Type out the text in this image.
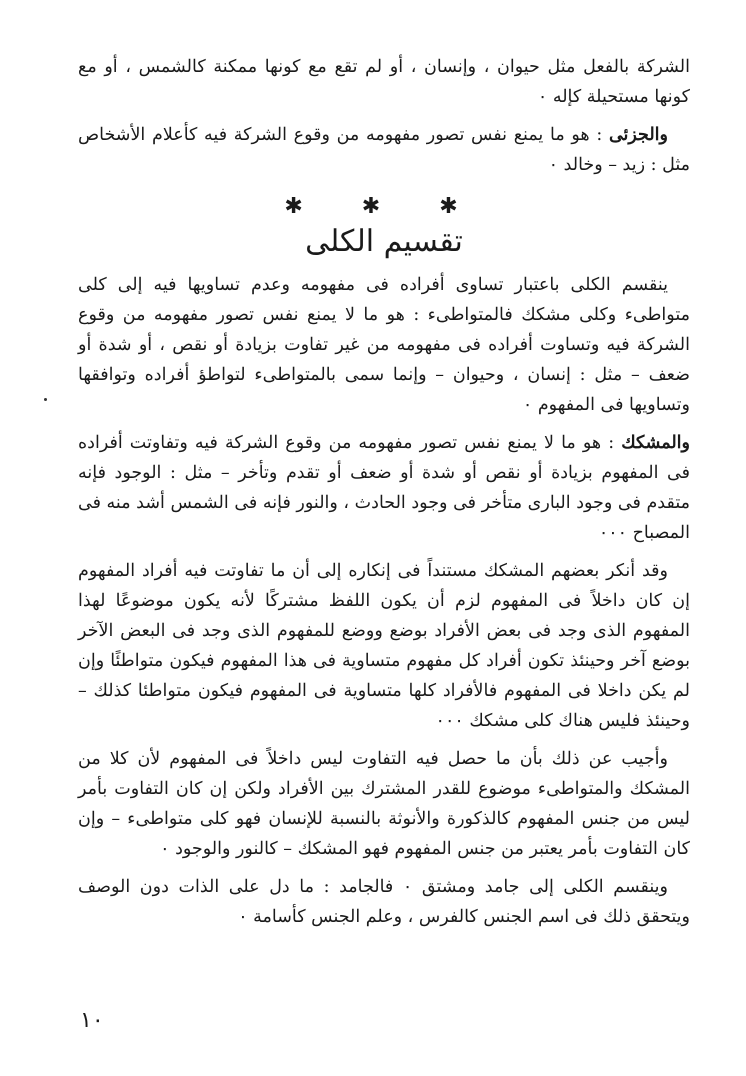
الشركة بالفعل مثل حيوان ، وإنسان ، أو لم تقع مع كونها ممكنة كالشمس ، أو مع كونها مستحيلة كإله ٠

والجزئى : هو ما يمنع نفس تصور مفهومه من وقوع الشركة فيه كأعلام الأشخاص مثل : زيد – وخالد ٠

✱ ✱ ✱
تقسيم الكلى

ينقسم الكلى باعتبار تساوى أفراده فى مفهومه وعدم تساويها فيه إلى كلى متواطىء وكلى مشكك فالمتواطىء : هو ما لا يمنع نفس تصور مفهومه من وقوع الشركة فيه وتساوت أفراده فى مفهومه من غير تفاوت بزيادة أو نقص ، أو شدة أو ضعف – مثل : إنسان ، وحيوان – وإنما سمى بالمتواطىء لتواطؤ أفراده وتوافقها وتساويها فى المفهوم ٠

والمشكك : هو ما لا يمنع نفس تصور مفهومه من وقوع الشركة فيه وتفاوتت أفراده فى المفهوم بزيادة أو نقص أو شدة أو ضعف أو تقدم وتأخر – مثل : الوجود فإنه متقدم فى وجود البارى متأخر فى وجود الحادث ، والنور فإنه فى الشمس أشد منه فى المصباح ٠٠٠

وقد أنكر بعضهم المشكك مستنداً فى إنكاره إلى أن ما تفاوتت فيه أفراد المفهوم إن كان داخلاً فى المفهوم لزم أن يكون اللفظ مشتركًا لأنه يكون موضوعًا لهذا المفهوم الذى وجد فى بعض الأفراد بوضع ووضع للمفهوم الذى وجد فى البعض الآخر بوضع آخر وحينئذ تكون أفراد كل مفهوم متساوية فى هذا المفهوم فيكون متواطئًا وإن لم يكن داخلا فى المفهوم فالأفراد كلها متساوية فى المفهوم فيكون متواطئا كذلك – وحينئذ فليس هناك كلى مشكك ٠٠٠

وأجيب عن ذلك بأن ما حصل فيه التفاوت ليس داخلاً فى المفهوم لأن كلا من المشكك والمتواطىء موضوع للقدر المشترك بين الأفراد ولكن إن كان التفاوت بأمر ليس من جنس المفهوم كالذكورة والأنوثة بالنسبة للإنسان فهو كلى متواطىء – وإن كان التفاوت بأمر يعتبر من جنس المفهوم فهو المشكك – كالنور والوجود ٠

وينقسم الكلى إلى جامد ومشتق ٠ فالجامد : ما دل على الذات دون الوصف ويتحقق ذلك فى اسم الجنس كالفرس ، وعلم الجنس كأسامة ٠

١٠
